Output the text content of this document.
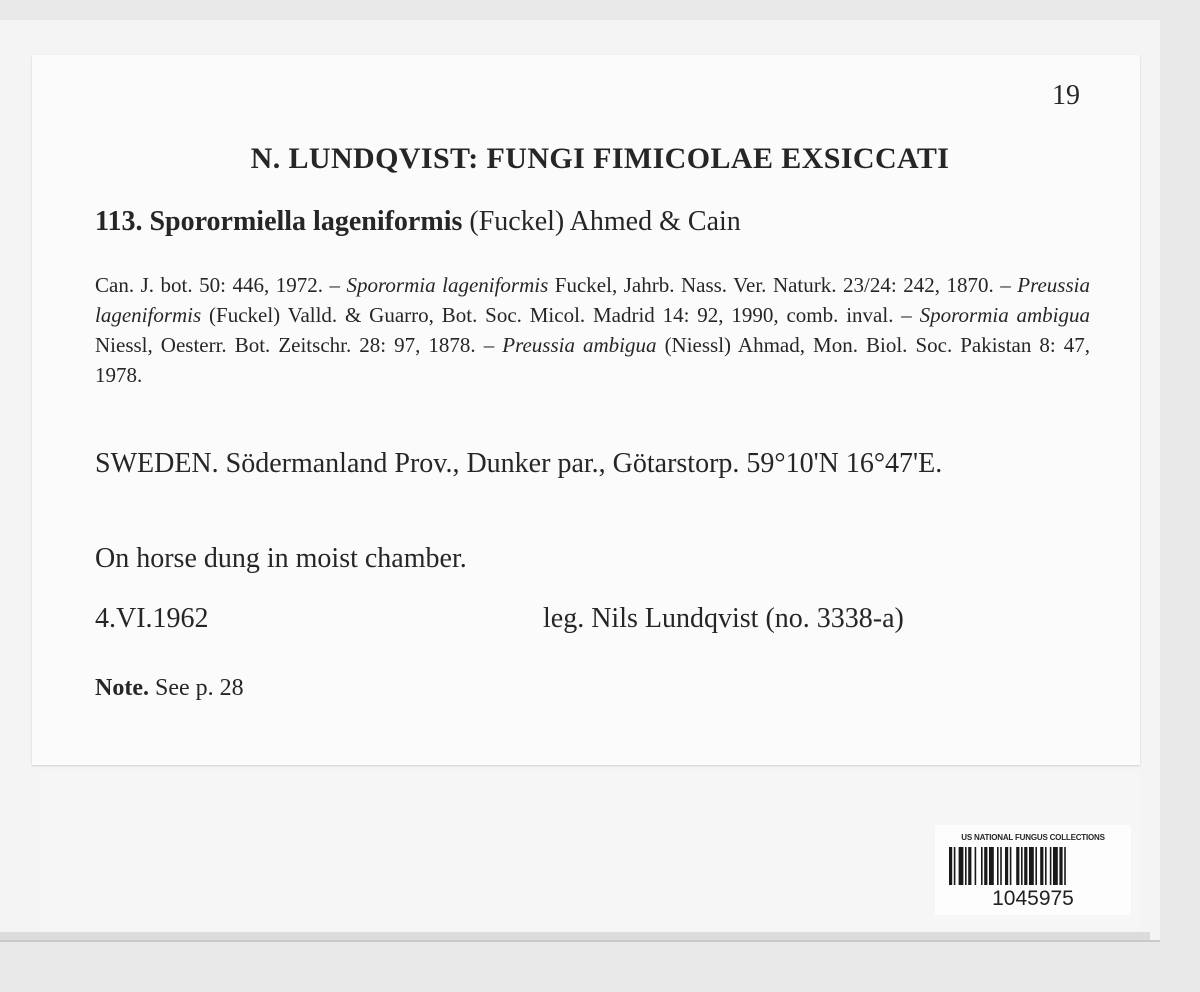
19
N. LUNDQVIST: FUNGI FIMICOLAE EXSICCATI
113. Sporormiella lageniformis (Fuckel) Ahmed & Cain
Can. J. bot. 50: 446, 1972. – Sporormia lageniformis Fuckel, Jahrb. Nass. Ver. Naturk. 23/24: 242, 1870. – Preussia lageniformis (Fuckel) Valld. & Guarro, Bot. Soc. Micol. Madrid 14: 92, 1990, comb. inval. – Sporormia ambigua Niessl, Oesterr. Bot. Zeitschr. 28: 97, 1878. – Preussia ambigua (Niessl) Ahmad, Mon. Biol. Soc. Pakistan 8: 47, 1978.
SWEDEN. Södermanland Prov., Dunker par., Götarstorp. 59°10'N 16°47'E.
On horse dung in moist chamber.
4.VI.1962	leg. Nils Lundqvist (no. 3338-a)
Note. See p. 28
US NATIONAL FUNGUS COLLECTIONS
1045975
